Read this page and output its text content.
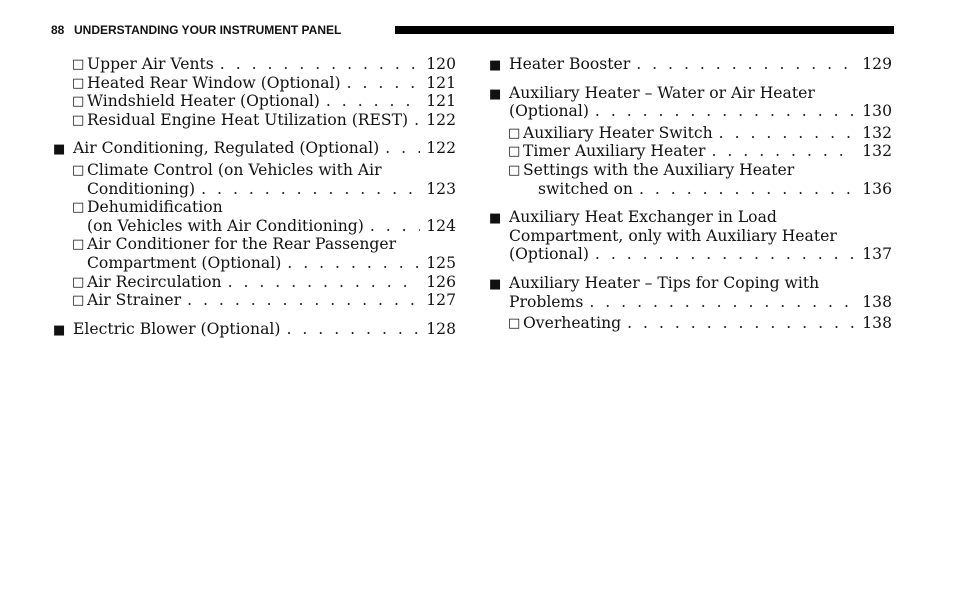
88 UNDERSTANDING YOUR INSTRUMENT PANEL
□ Upper Air Vents . . .	120
□ Heated Rear Window (Optional) . . .	121
□ Windshield Heater (Optional) . . .	121
□ Residual Engine Heat Utilization (REST) . . . 122
■ Air Conditioning, Regulated (Optional) . . .	122
□ Climate Control (on Vehicles with Air
Conditioning) . . .	123
□ Dehumidification
(on Vehicles with Air Conditioning) . . .	124
□ Air Conditioner for the Rear Passenger
Compartment (Optional) . . .	125
□ Air Recirculation . . .	126
□ Air Strainer . . .	127
■ Electric Blower (Optional) . . .	128
■ Heater Booster . . .	129
■ Auxiliary Heater – Water or Air Heater
(Optional) . . .	130
□ Auxiliary Heater Switch . . .	132
□ Timer Auxiliary Heater . . .	132
□ Settings with the Auxiliary Heater
switched on . . .	136
■ Auxiliary Heat Exchanger in Load
Compartment, only with Auxiliary Heater
(Optional) . . .	137
■ Auxiliary Heater – Tips for Coping with
Problems . . .	138
□ Overheating . . .	138
